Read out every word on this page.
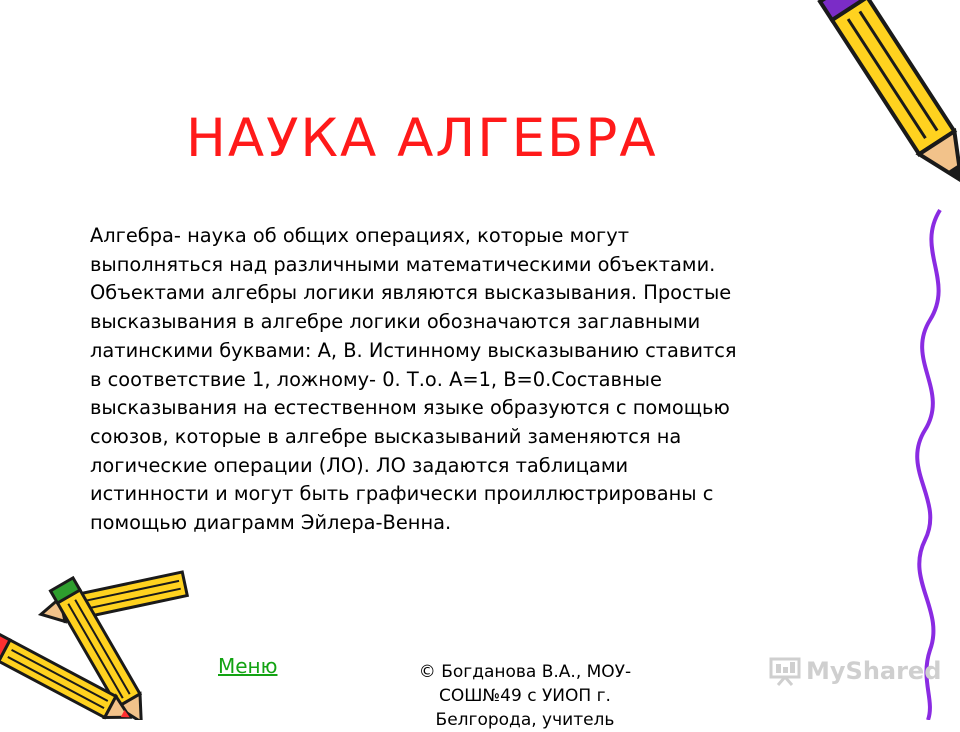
НАУКА АЛГЕБРА
Алгебра- наука об общих операциях, которые могут
выполняться над различными математическими объектами.
Объектами алгебры логики являются высказывания. Простые
высказывания в алгебре логики обозначаются заглавными
латинскими буквами: А, В. Истинному высказыванию ставится
в соответствие 1, ложному- 0. Т.о. А=1, В=0.Составные
высказывания на естественном языке образуются с помощью
союзов, которые в алгебре высказываний заменяются на
логические операции (ЛО). ЛО задаются таблицами
истинности и могут быть графически проиллюстрированы с
помощью диаграмм Эйлера-Венна.
Меню	© Богданова В.А., МОУ-
СОШ№49 с УИОП г.
Белгорода, учитель
MyShared
